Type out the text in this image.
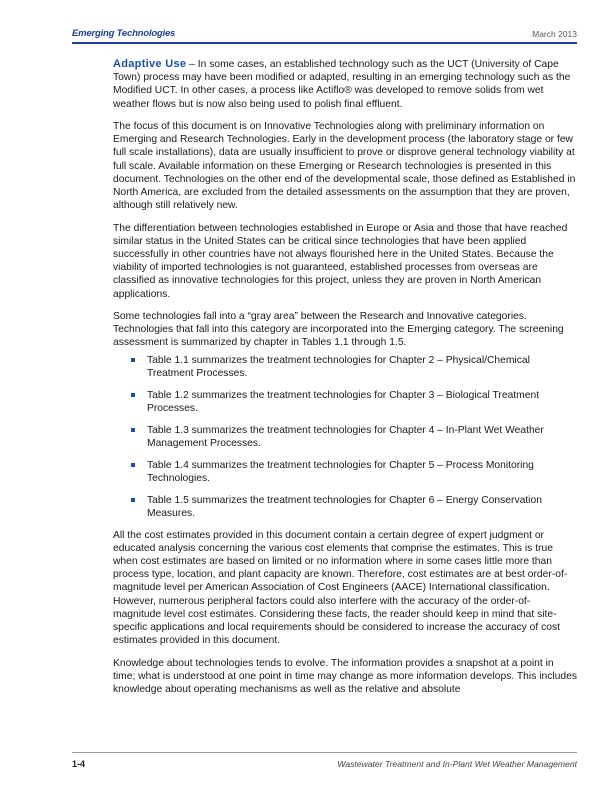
Emerging Technologies	March 2013

Adaptive Use – In some cases, an established technology such as the UCT (University of Cape Town) process may have been modified or adapted, resulting in an emerging technology such as the Modified UCT. In other cases, a process like Actiflo® was developed to remove solids from wet weather flows but is now also being used to polish final effluent.

The focus of this document is on Innovative Technologies along with preliminary information on Emerging and Research Technologies. Early in the development process (the laboratory stage or few full scale installations), data are usually insufficient to prove or disprove general technology viability at full scale. Available information on these Emerging or Research technologies is presented in this document. Technologies on the other end of the developmental scale, those defined as Established in North America, are excluded from the detailed assessments on the assumption that they are proven, although still relatively new.

The differentiation between technologies established in Europe or Asia and those that have reached similar status in the United States can be critical since technologies that have been applied successfully in other countries have not always flourished here in the United States. Because the viability of imported technologies is not guaranteed, established processes from overseas are classified as innovative technologies for this project, unless they are proven in North American applications.

Some technologies fall into a “gray area” between the Research and Innovative categories. Technologies that fall into this category are incorporated into the Emerging category. The screening assessment is summarized by chapter in Tables 1.1 through 1.5.

Table 1.1 summarizes the treatment technologies for Chapter 2 – Physical/Chemical Treatment Processes.
Table 1.2 summarizes the treatment technologies for Chapter 3 – Biological Treatment Processes.
Table 1.3 summarizes the treatment technologies for Chapter 4 – In-Plant Wet Weather Management Processes.
Table 1.4 summarizes the treatment technologies for Chapter 5 – Process Monitoring Technologies.
Table 1.5 summarizes the treatment technologies for Chapter 6 – Energy Conservation Measures.

All the cost estimates provided in this document contain a certain degree of expert judgment or educated analysis concerning the various cost elements that comprise the estimates. This is true when cost estimates are based on limited or no information where in some cases little more than process type, location, and plant capacity are known. Therefore, cost estimates are at best order-of-magnitude level per American Association of Cost Engineers (AACE) International classification. However, numerous peripheral factors could also interfere with the accuracy of the order-of-magnitude level cost estimates. Considering these facts, the reader should keep in mind that site-specific applications and local requirements should be considered to increase the accuracy of cost estimates provided in this document.

Knowledge about technologies tends to evolve. The information provides a snapshot at a point in time; what is understood at one point in time may change as more information develops. This includes knowledge about operating mechanisms as well as the relative and absolute

1-4	Wastewater Treatment and In-Plant Wet Weather Management
